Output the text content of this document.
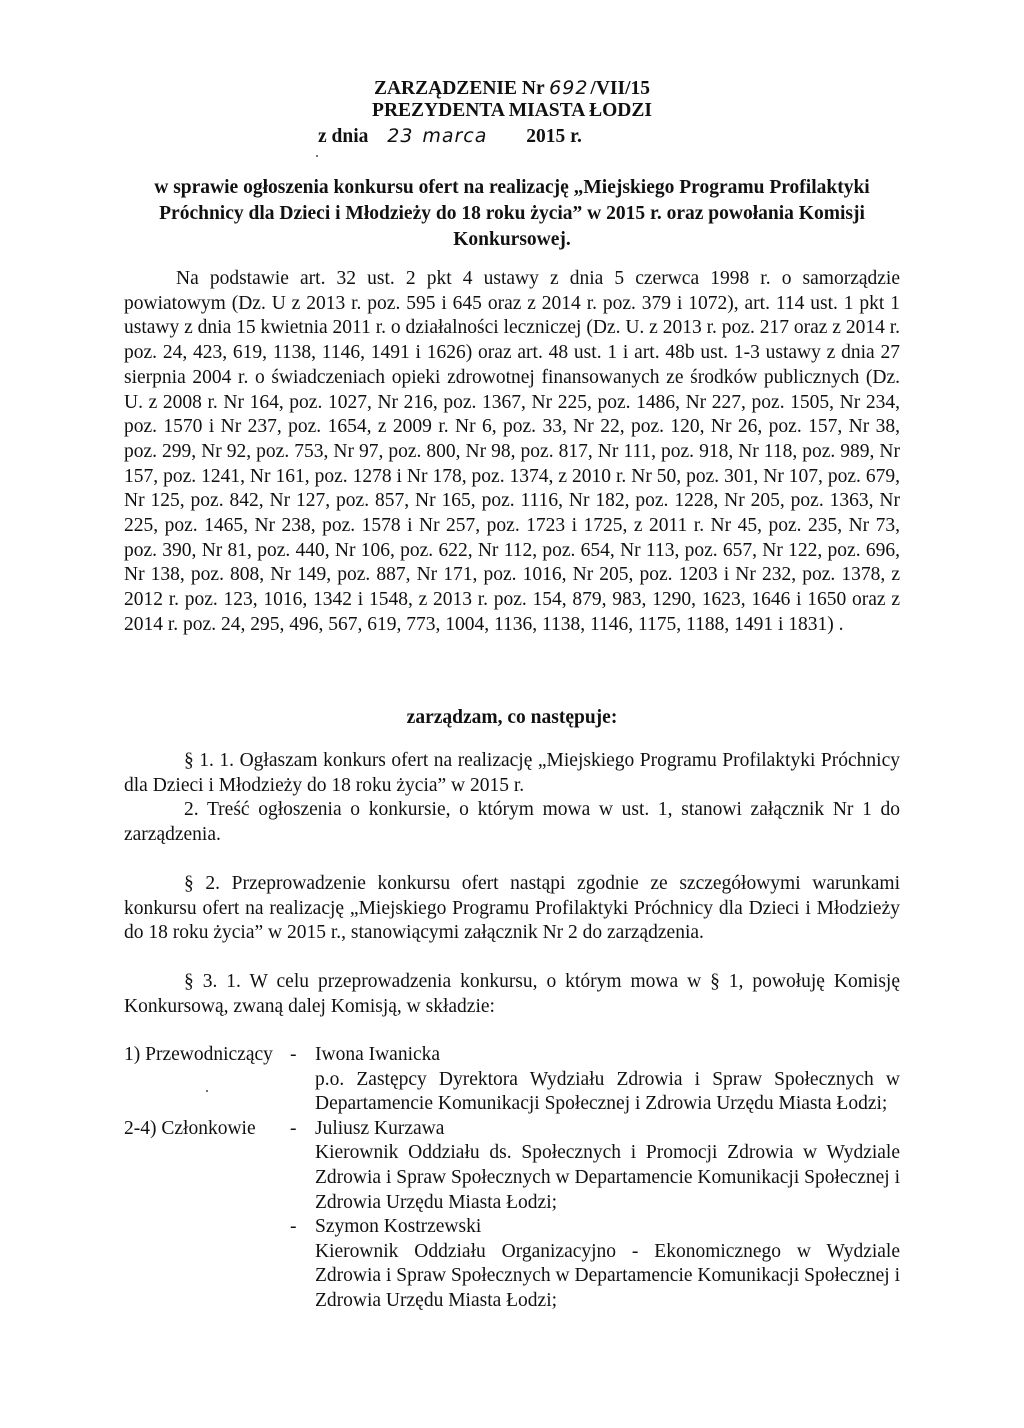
ZARZĄDZENIE Nr 692 /VII/15
PREZYDENTA MIASTA ŁODZI
z dnia 23 marca 2015 r.
w sprawie ogłoszenia konkursu ofert na realizację „Miejskiego Programu Profilaktyki Próchnicy dla Dzieci i Młodzieży do 18 roku życia” w 2015 r. oraz powołania Komisji Konkursowej.

Na podstawie art. 32 ust. 2 pkt 4 ustawy z dnia 5 czerwca 1998 r. o samorządzie powiatowym (Dz. U z 2013 r. poz. 595 i 645 oraz z 2014 r. poz. 379 i 1072), art. 114 ust. 1 pkt 1 ustawy z dnia 15 kwietnia 2011 r. o działalności leczniczej (Dz. U. z 2013 r. poz. 217 oraz z 2014 r. poz. 24, 423, 619, 1138, 1146, 1491 i 1626) oraz art. 48 ust. 1 i art. 48b ust. 1-3 ustawy z dnia 27 sierpnia 2004 r. o świadczeniach opieki zdrowotnej finansowanych ze środków publicznych (Dz. U. z 2008 r. Nr 164, poz. 1027, Nr 216, poz. 1367, Nr 225, poz. 1486, Nr 227, poz. 1505, Nr 234, poz. 1570 i Nr 237, poz. 1654, z 2009 r. Nr 6, poz. 33, Nr 22, poz. 120, Nr 26, poz. 157, Nr 38, poz. 299, Nr 92, poz. 753, Nr 97, poz. 800, Nr 98, poz. 817, Nr 111, poz. 918, Nr 118, poz. 989, Nr 157, poz. 1241, Nr 161, poz. 1278 i Nr 178, poz. 1374, z 2010 r. Nr 50, poz. 301, Nr 107, poz. 679, Nr 125, poz. 842, Nr 127, poz. 857, Nr 165, poz. 1116, Nr 182, poz. 1228, Nr 205, poz. 1363, Nr 225, poz. 1465, Nr 238, poz. 1578 i Nr 257, poz. 1723 i 1725, z 2011 r. Nr 45, poz. 235, Nr 73, poz. 390, Nr 81, poz. 440, Nr 106, poz. 622, Nr 112, poz. 654, Nr 113, poz. 657, Nr 122, poz. 696, Nr 138, poz. 808, Nr 149, poz. 887, Nr 171, poz. 1016, Nr 205, poz. 1203 i Nr 232, poz. 1378, z 2012 r. poz. 123, 1016, 1342 i 1548, z 2013 r. poz. 154, 879, 983, 1290, 1623, 1646 i 1650 oraz z 2014 r. poz. 24, 295, 496, 567, 619, 773, 1004, 1136, 1138, 1146, 1175, 1188, 1491 i 1831) .

zarządzam, co następuje:

§ 1. 1. Ogłaszam konkurs ofert na realizację „Miejskiego Programu Profilaktyki Próchnicy dla Dzieci i Młodzieży do 18 roku życia” w 2015 r.

2. Treść ogłoszenia o konkursie, o którym mowa w ust. 1, stanowi załącznik Nr 1 do zarządzenia.

§ 2. Przeprowadzenie konkursu ofert nastąpi zgodnie ze szczegółowymi warunkami konkursu ofert na realizację „Miejskiego Programu Profilaktyki Próchnicy dla Dzieci i Młodzieży do 18 roku życia” w 2015 r., stanowiącymi załącznik Nr 2 do zarządzenia.

§ 3. 1. W celu przeprowadzenia konkursu, o którym mowa w § 1, powołuję Komisję Konkursową, zwaną dalej Komisją, w składzie:

1) Przewodniczący - Iwona Iwanicka
p.o. Zastępcy Dyrektora Wydziału Zdrowia i Spraw Społecznych w Departamencie Komunikacji Społecznej i Zdrowia Urzędu Miasta Łodzi;
2-4) Członkowie	- Juliusz Kurzawa
Kierownik Oddziału ds. Społecznych i Promocji Zdrowia w Wydziale Zdrowia i Spraw Społecznych w Departamencie Komunikacji Społecznej i Zdrowia Urzędu Miasta Łodzi;
- Szymon Kostrzewski
Kierownik Oddziału Organizacyjno - Ekonomicznego w Wydziale Zdrowia i Spraw Społecznych w Departamencie Komunikacji Społecznej i Zdrowia Urzędu Miasta Łodzi;
